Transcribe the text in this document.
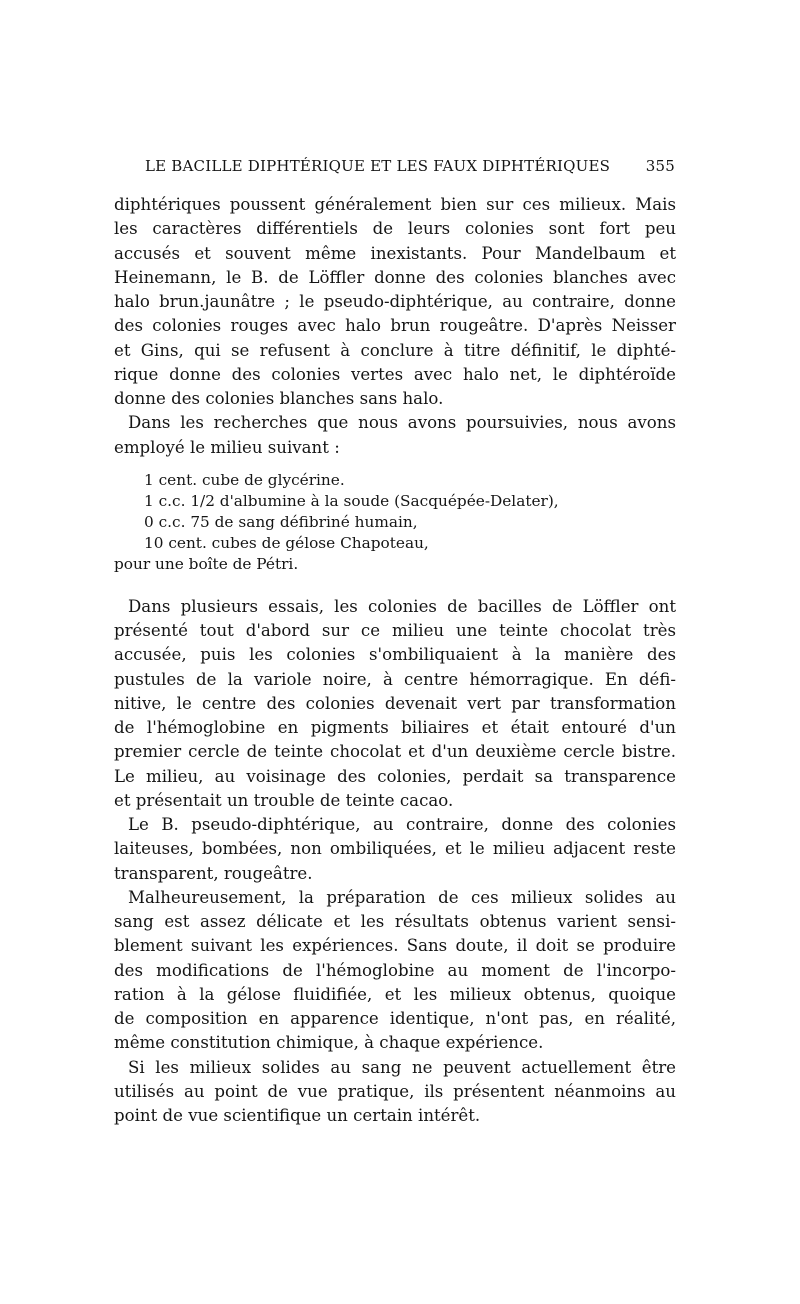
LE BACILLE DIPHTÉRIQUE ET LES FAUX DIPHTÉRIQUES 355
diphtériques poussent généralement bien sur ces milieux. Mais
les caractères différentiels de leurs colonies sont fort peu
accusés et souvent même inexistants. Pour Mandelbaum et
Heinemann, le B. de Löffler donne des colonies blanches avec
halo brun.jaunâtre ; le pseudo-diphtérique, au contraire, donne
des colonies rouges avec halo brun rougeâtre. D'après Neisser
et Gins, qui se refusent à conclure à titre définitif, le diphté-
rique donne des colonies vertes avec halo net, le diphtéroïde
donne des colonies blanches sans halo.
Dans les recherches que nous avons poursuivies, nous avons
employé le milieu suivant :
1 cent. cube de glycérine.
1 c.c. 1/2 d'albumine à la soude (Sacquépée-Delater),
0 c.c. 75 de sang défibriné humain,
10 cent. cubes de gélose Chapoteau,
pour une boîte de Pétri.
Dans plusieurs essais, les colonies de bacilles de Löffler ont
présenté tout d'abord sur ce milieu une teinte chocolat très
accusée, puis les colonies s'ombiliquaient à la manière des
pustules de la variole noire, à centre hémorragique. En défi-
nitive, le centre des colonies devenait vert par transformation
de l'hémoglobine en pigments biliaires et était entouré d'un
premier cercle de teinte chocolat et d'un deuxième cercle bistre.
Le milieu, au voisinage des colonies, perdait sa transparence
et présentait un trouble de teinte cacao.
Le B. pseudo-diphtérique, au contraire, donne des colonies
laiteuses, bombées, non ombiliquées, et le milieu adjacent reste
transparent, rougeâtre.
Malheureusement, la préparation de ces milieux solides au
sang est assez délicate et les résultats obtenus varient sensi-
blement suivant les expériences. Sans doute, il doit se produire
des modifications de l'hémoglobine au moment de l'incorpo-
ration à la gélose fluidifiée, et les milieux obtenus, quoique
de composition en apparence identique, n'ont pas, en réalité,
même constitution chimique, à chaque expérience.
Si les milieux solides au sang ne peuvent actuellement être
utilisés au point de vue pratique, ils présentent néanmoins au
point de vue scientifique un certain intérêt.
